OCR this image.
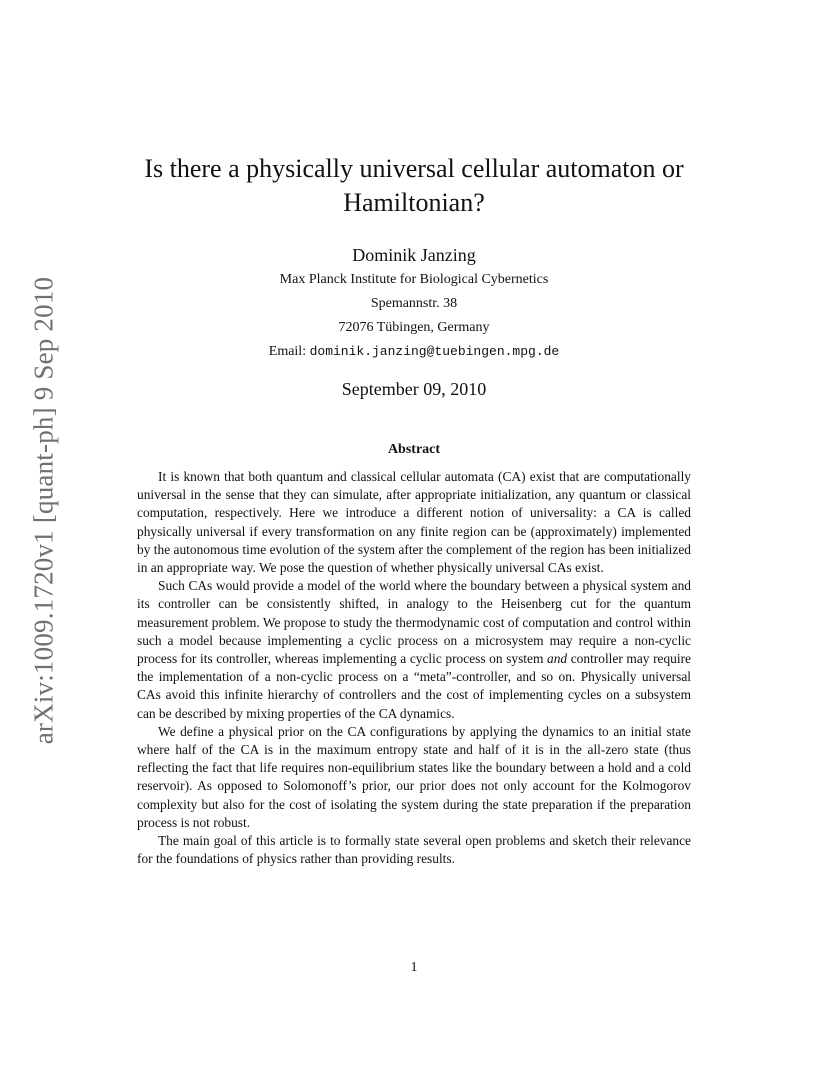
arXiv:1009.1720v1 [quant-ph] 9 Sep 2010
Is there a physically universal cellular automaton or
Hamiltonian?
Dominik Janzing
Max Planck Institute for Biological Cybernetics
Spemannstr. 38
72076 Tübingen, Germany
Email: dominik.janzing@tuebingen.mpg.de
September 09, 2010
Abstract

It is known that both quantum and classical cellular automata (CA) exist that are computationally universal in the sense that they can simulate, after appropriate initialization, any quantum or classical computation, respectively. Here we introduce a different notion of universality: a CA is called physically universal if every transformation on any finite region can be (approximately) implemented by the autonomous time evolution of the system after the complement of the region has been initialized in an appropriate way. We pose the question of whether physically universal CAs exist.

Such CAs would provide a model of the world where the boundary between a physical system and its controller can be consistently shifted, in analogy to the Heisenberg cut for the quantum measurement problem. We propose to study the thermodynamic cost of computation and control within such a model because implementing a cyclic process on a microsystem may require a non-cyclic process for its controller, whereas implementing a cyclic process on system and controller may require the implementation of a non-cyclic process on a “meta”-controller, and so on. Physically universal CAs avoid this infinite hierarchy of controllers and the cost of implementing cycles on a subsystem can be described by mixing properties of the CA dynamics.

We define a physical prior on the CA configurations by applying the dynamics to an initial state where half of the CA is in the maximum entropy state and half of it is in the all-zero state (thus reflecting the fact that life requires non-equilibrium states like the boundary between a hold and a cold reservoir). As opposed to Solomonoff’s prior, our prior does not only account for the Kolmogorov complexity but also for the cost of isolating the system during the state preparation if the preparation process is not robust.

The main goal of this article is to formally state several open problems and sketch their relevance for the foundations of physics rather than providing results.

1
